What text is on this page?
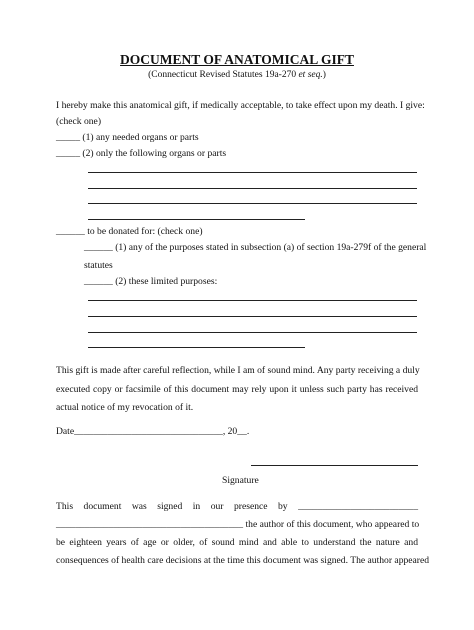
DOCUMENT OF ANATOMICAL GIFT
(Connecticut Revised Statutes 19a-270 et seq.)
I hereby make this anatomical gift, if medically acceptable, to take effect upon my death. I give:
(check one)
_____ (1) any needed organs or parts
_____ (2) only the following organs or parts
______ to be donated for: (check one)
______ (1) any of the purposes stated in subsection (a) of section 19a-279f of the general
statutes
______ (2) these limited purposes:
This gift is made after careful reflection, while I am of sound mind. Any party receiving a duly
executed copy or facsimile of this document may rely upon it unless such party has received
actual notice of my revocation of it.
Date_______________________________, 20__.
Signature
This document was signed in our presence by _________________________
_______________________________________ the author of this document, who appeared to
be eighteen years of age or older, of sound mind and able to understand the nature and
consequences of health care decisions at the time this document was signed. The author appeared
